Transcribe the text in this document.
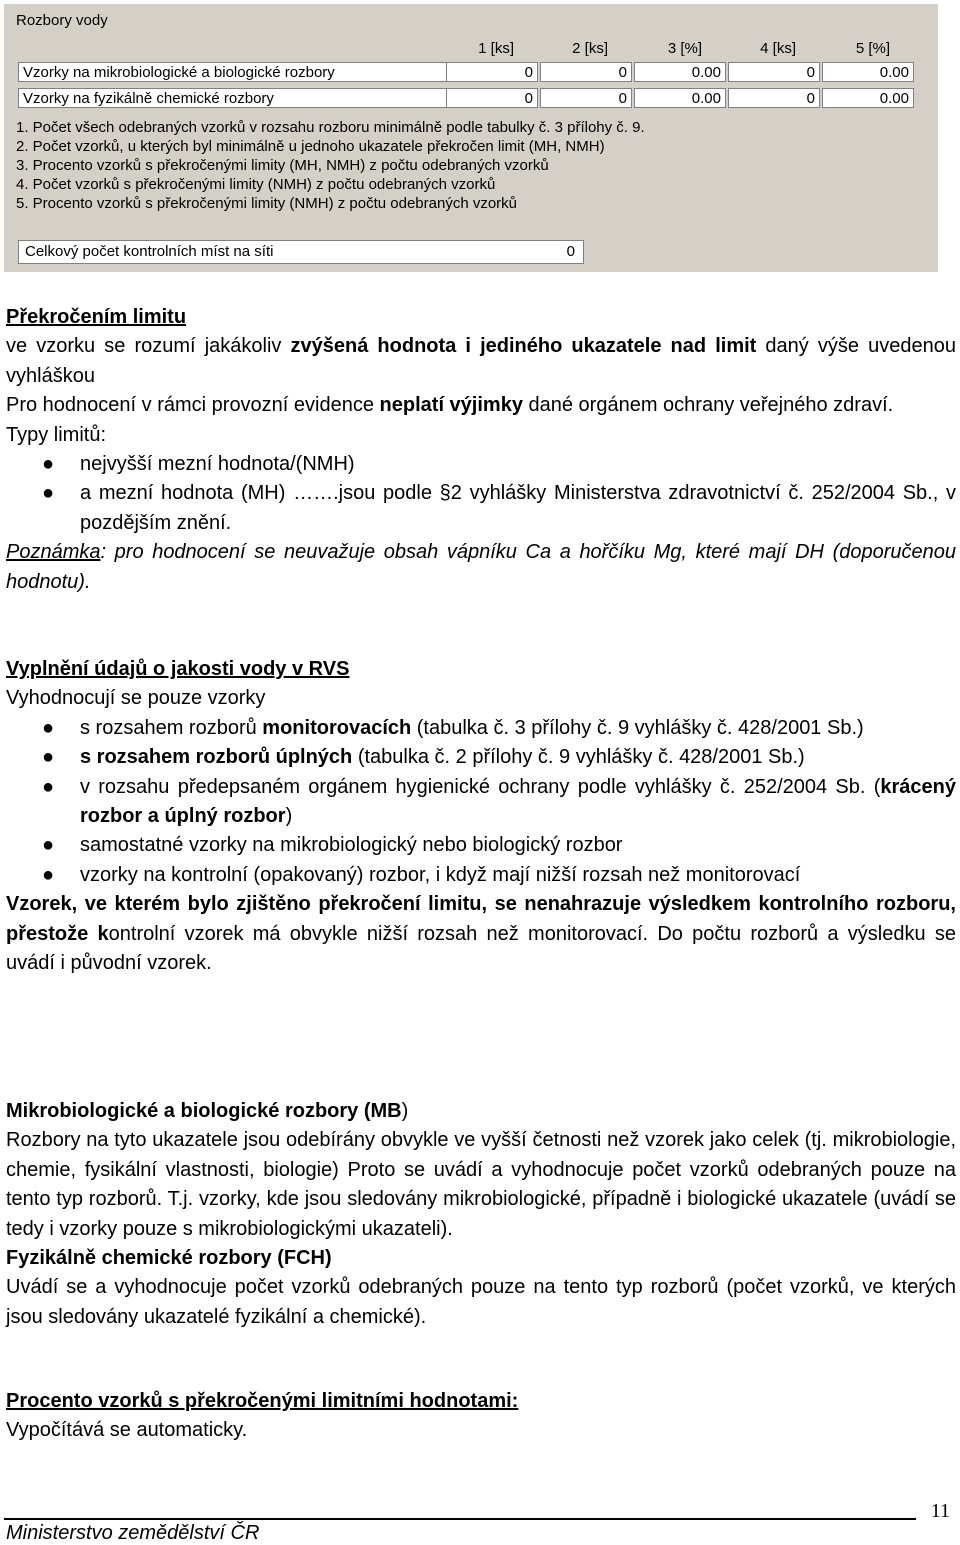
Rozbory vody
1 [ks]	2 [ks]	3 [%]	4 [ks]	5 [%]
Vzorky na mikrobiologické a biologické rozbory	0	0	0.00	0	0.00
Vzorky na fyzikálně chemické rozbory	0	0	0.00	0	0.00
1. Počet všech odebraných vzorků v rozsahu rozboru minimálně podle tabulky č. 3 přílohy č. 9.
2. Počet vzorků, u kterých byl minimálně u jednoho ukazatele překročen limit (MH, NMH)
3. Procento vzorků s překročenými limity (MH, NMH) z počtu odebraných vzorků
4. Počet vzorků s překročenými limity (NMH) z počtu odebraných vzorků
5. Procento vzorků s překročenými limity (NMH) z počtu odebraných vzorků
Celkový počet kontrolních míst na síti	0

Překročením limitu

ve vzorku se rozumí jakákoliv zvýšená hodnota i jediného ukazatele nad limit daný výše uvedenou vyhláškou

Pro hodnocení v rámci provozní evidence neplatí výjimky dané orgánem ochrany veřejného zdraví.

Typy limitů:

● nejvyšší mezní hodnota/(NMH)
● a mezní hodnota (MH) …….jsou podle §2 vyhlášky Ministerstva zdravotnictví č. 252/2004 Sb., v pozdějším znění.

Poznámka: pro hodnocení se neuvažuje obsah vápníku Ca a hořčíku Mg, které mají DH (doporučenou hodnotu).

Vyplnění údajů o jakosti vody v RVS

Vyhodnocují se pouze vzorky

● s rozsahem rozborů monitorovacích (tabulka č. 3 přílohy č. 9 vyhlášky č. 428/2001 Sb.)
● s rozsahem rozborů úplných (tabulka č. 2 přílohy č. 9 vyhlášky č. 428/2001 Sb.)
● v rozsahu předepsaném orgánem hygienické ochrany podle vyhlášky č. 252/2004 Sb. (krácený rozbor a úplný rozbor)
● samostatné vzorky na mikrobiologický nebo biologický rozbor
● vzorky na kontrolní (opakovaný) rozbor, i když mají nižší rozsah než monitorovací

Vzorek, ve kterém bylo zjištěno překročení limitu, se nenahrazuje výsledkem kontrolního rozboru, přestože kontrolní vzorek má obvykle nižší rozsah než monitorovací. Do počtu rozborů a výsledku se uvádí i původní vzorek.

Mikrobiologické a biologické rozbory (MB)

Rozbory na tyto ukazatele jsou odebírány obvykle ve vyšší četnosti než vzorek jako celek (tj. mikrobiologie, chemie, fysikální vlastnosti, biologie) Proto se uvádí a vyhodnocuje počet vzorků odebraných pouze na tento typ rozborů. T.j. vzorky, kde jsou sledovány mikrobiologické, případně i biologické ukazatele (uvádí se tedy i vzorky pouze s mikrobiologickými ukazateli).

Fyzikálně chemické rozbory (FCH)

Uvádí se a vyhodnocuje počet vzorků odebraných pouze na tento typ rozborů (počet vzorků, ve kterých jsou sledovány ukazatelé fyzikální a chemické).

Procento vzorků s překročenými limitními hodnotami:

Vypočítává se automaticky.

11
Ministerstvo zemědělství ČR
